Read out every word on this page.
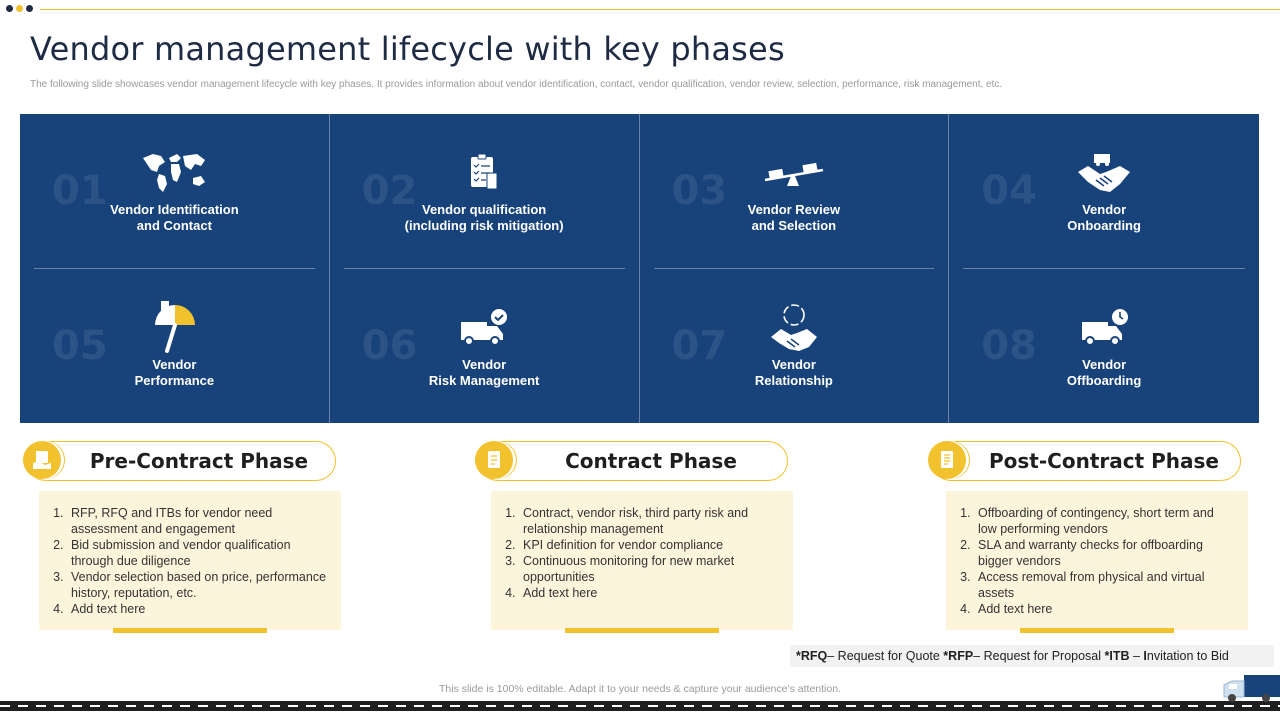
Vendor management lifecycle with key phases
The following slide showcases vendor management lifecycle with key phases. It provides information about vendor identification, contact, vendor qualification, vendor review, selection, performance, risk management, etc.
01 Vendor Identification
and Contact
02 Vendor qualification
(including risk mitigation)
03 Vendor Review
and Selection
04	Vendor
Onboarding
05	Vendor
Performance
06	Vendor
Risk Management
07	Vendor
Relationship
08	Vendor
Offboarding
Pre-Contract Phase
1. RFP, RFQ and ITBs for vendor need assessment and engagement
2. Bid submission and vendor qualification through due diligence
3. Vendor selection based on price, performance history, reputation, etc.
4. Add text here
Contract Phase
1. Contract, vendor risk, third party risk and relationship management
2. KPI definition for vendor compliance
3. Continuous monitoring for new market opportunities
4. Add text here
Post-Contract Phase
1. Offboarding of contingency, short term and low performing vendors
2. SLA and warranty checks for offboarding bigger vendors
3. Access removal from physical and virtual assets
4. Add text here
*RFQ– Request for Quote *RFP– Request for Proposal *ITB – Invitation to Bid
This slide is 100% editable. Adapt it to your needs & capture your audience’s attention.
